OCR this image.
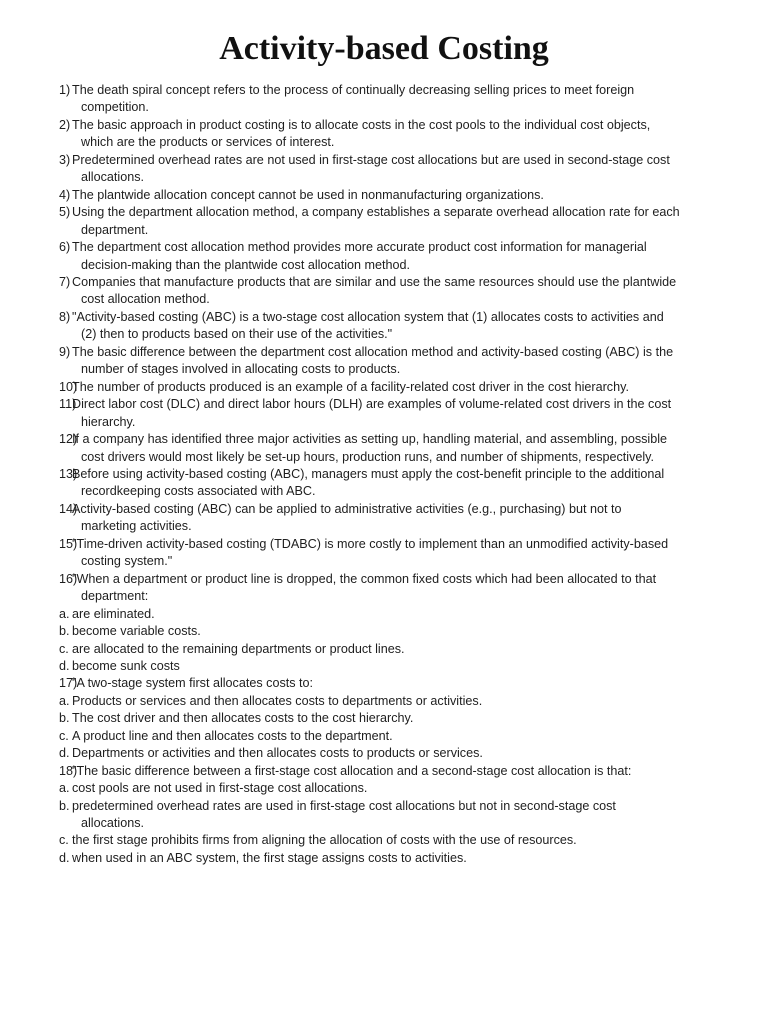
Activity-based Costing
1) The death spiral concept refers to the process of continually decreasing selling prices to meet foreign competition.
2) The basic approach in product costing is to allocate costs in the cost pools to the individual cost objects, which are the products or services of interest.
3) Predetermined overhead rates are not used in first-stage cost allocations but are used in second-stage cost allocations.
4) The plantwide allocation concept cannot be used in nonmanufacturing organizations.
5) Using the department allocation method, a company establishes a separate overhead allocation rate for each department.
6) The department cost allocation method provides more accurate product cost information for managerial decision-making than the plantwide cost allocation method.
7) Companies that manufacture products that are similar and use the same resources should use the plantwide cost allocation method.
8) "Activity-based costing (ABC) is a two-stage cost allocation system that (1) allocates costs to activities and (2) then to products based on their use of the activities."
9) The basic difference between the department cost allocation method and activity-based costing (ABC) is the number of stages involved in allocating costs to products.
10)
The number of products produced is an example of a facility-related cost driver in the cost hierarchy.
11)
Direct labor cost (DLC) and direct labor hours (DLH) are examples of volume-related cost drivers in the cost hierarchy.
12)
If a company has identified three major activities as setting up, handling material, and assembling, possible cost drivers would most likely be set-up hours, production runs, and number of shipments, respectively.
13)
Before using activity-based costing (ABC), managers must apply the cost-benefit principle to the additional recordkeeping costs associated with ABC.
14)
Activity-based costing (ABC) can be applied to administrative activities (e.g., purchasing) but not to marketing activities.
15)
"Time-driven activity-based costing (TDABC) is more costly to implement than an unmodified activity-based costing system."
16)
"When a department or product line is dropped, the common fixed costs which had been allocated to that department:
a. are eliminated.
b. become variable costs.
c. are allocated to the remaining departments or product lines.
d. become sunk costs
17)
"A two-stage system first allocates costs to:
a. Products or services and then allocates costs to departments or activities.
b. The cost driver and then allocates costs to the cost hierarchy.
c. A product line and then allocates costs to the department.
d. Departments or activities and then allocates costs to products or services.
18)
"The basic difference between a first-stage cost allocation and a second-stage cost allocation is that:
a. cost pools are not used in first-stage cost allocations.
b. predetermined overhead rates are used in first-stage cost allocations but not in second-stage cost allocations.
c. the first stage prohibits firms from aligning the allocation of costs with the use of resources.
d. when used in an ABC system, the first stage assigns costs to activities.
